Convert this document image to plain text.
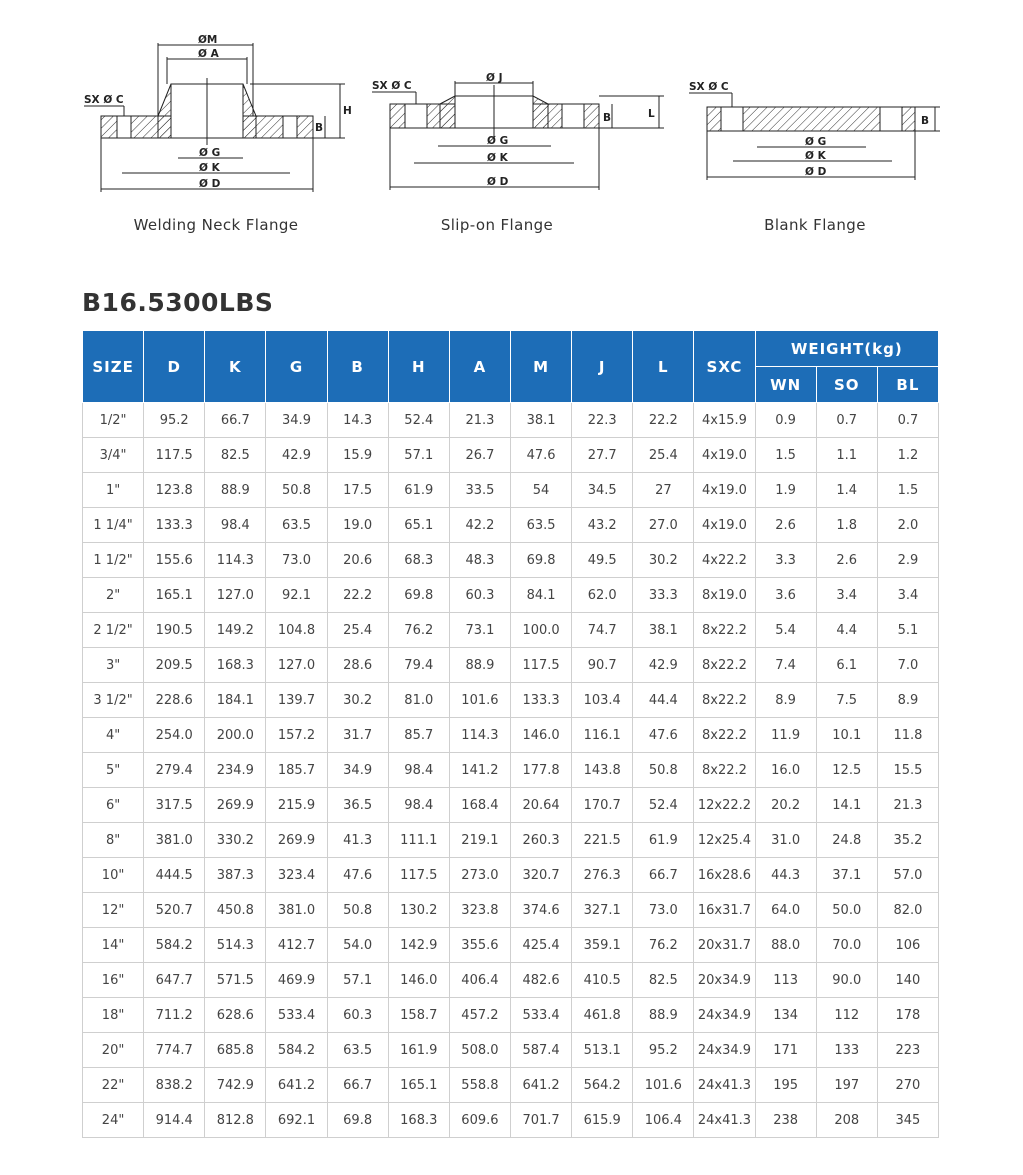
ØM
Ø A
SX Ø C
Ø G
Ø K
Ø D
H
B
Ø J
SX Ø C
Ø G
Ø K
Ø D
B	L
SX Ø C
Ø G
Ø K
Ø D
B
Welding Neck Flange	Slip-on Flange	Blank Flange
B16.5300LBS
SIZE	D	K	G	B	H	A	M	J	L	SXC	WEIGHT(kg)		
											WN	SO	BL
1/2"	95.2	66.7	34.9	14.3	52.4	21.3	38.1	22.3	22.2	4x15.9	0.9	0.7	0.7
3/4"	117.5	82.5	42.9	15.9	57.1	26.7	47.6	27.7	25.4	4x19.0	1.5	1.1	1.2
1"	123.8	88.9	50.8	17.5	61.9	33.5	54	34.5	27	4x19.0	1.9	1.4	1.5
1 1/4"	133.3	98.4	63.5	19.0	65.1	42.2	63.5	43.2	27.0	4x19.0	2.6	1.8	2.0
1 1/2"	155.6	114.3	73.0	20.6	68.3	48.3	69.8	49.5	30.2	4x22.2	3.3	2.6	2.9
2"	165.1	127.0	92.1	22.2	69.8	60.3	84.1	62.0	33.3	8x19.0	3.6	3.4	3.4
2 1/2"	190.5	149.2	104.8	25.4	76.2	73.1	100.0	74.7	38.1	8x22.2	5.4	4.4	5.1
3"	209.5	168.3	127.0	28.6	79.4	88.9	117.5	90.7	42.9	8x22.2	7.4	6.1	7.0
3 1/2"	228.6	184.1	139.7	30.2	81.0	101.6	133.3	103.4	44.4	8x22.2	8.9	7.5	8.9
4"	254.0	200.0	157.2	31.7	85.7	114.3	146.0	116.1	47.6	8x22.2	11.9	10.1	11.8
5"	279.4	234.9	185.7	34.9	98.4	141.2	177.8	143.8	50.8	8x22.2	16.0	12.5	15.5
6"	317.5	269.9	215.9	36.5	98.4	168.4	20.64	170.7	52.4	12x22.2	20.2	14.1	21.3
8"	381.0	330.2	269.9	41.3	111.1	219.1	260.3	221.5	61.9	12x25.4	31.0	24.8	35.2
10"	444.5	387.3	323.4	47.6	117.5	273.0	320.7	276.3	66.7	16x28.6	44.3	37.1	57.0
12"	520.7	450.8	381.0	50.8	130.2	323.8	374.6	327.1	73.0	16x31.7	64.0	50.0	82.0
14"	584.2	514.3	412.7	54.0	142.9	355.6	425.4	359.1	76.2	20x31.7	88.0	70.0	106
16"	647.7	571.5	469.9	57.1	146.0	406.4	482.6	410.5	82.5	20x34.9	113	90.0	140
18"	711.2	628.6	533.4	60.3	158.7	457.2	533.4	461.8	88.9	24x34.9	134	112	178
20"	774.7	685.8	584.2	63.5	161.9	508.0	587.4	513.1	95.2	24x34.9	171	133	223
22"	838.2	742.9	641.2	66.7	165.1	558.8	641.2	564.2	101.6	24x41.3	195	197	270
24"	914.4	812.8	692.1	69.8	168.3	609.6	701.7	615.9	106.4	24x41.3	238	208	345
